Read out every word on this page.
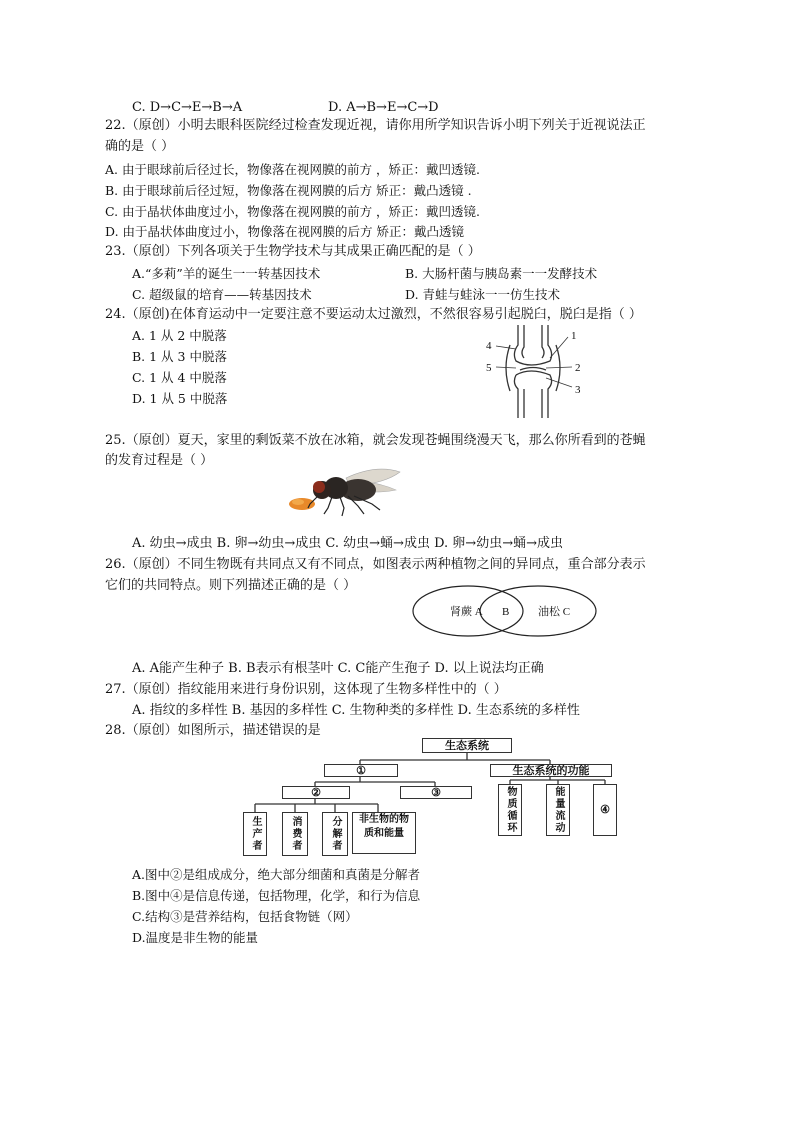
C. D→C→E→B→A	D. A→B→E→C→D
22.（原创）小明去眼科医院经过检查发现近视，请你用所学知识告诉小明下列关于近视说法正
确的是（ ）
A. 由于眼球前后径过长，物像落在视网膜的前方 ，矫正：戴凹透镜.
B. 由于眼球前后径过短，物像落在视网膜的后方 矫正：戴凸透镜 .
C. 由于晶状体曲度过小，物像落在视网膜的前方 ，矫正：戴凹透镜.
D. 由于晶状体曲度过小，物像落在视网膜的后方 矫正：戴凸透镜
23.（原创）下列各项关于生物学技术与其成果正确匹配的是（ ）
A.“多莉”羊的诞生一一转基因技术	B. 大肠杆菌与胰岛素一一发酵技术
C. 超级鼠的培育——转基因技术	D. 青蛙与蛙泳一一仿生技术
24.（原创)在体育运动中一定要注意不要运动太过激烈，不然很容易引起脱臼，脱臼是指（ ）
A. 1 从 2 中脱落
B. 1 从 3 中脱落
C. 1 从 4 中脱落
D. 1 从 5 中脱落
4
5
1
2
3
25.（原创）夏天，家里的剩饭菜不放在冰箱，就会发现苍蝇围绕漫天飞，那么你所看到的苍蝇
的发育过程是（ ）
A. 幼虫→成虫 B. 卵→幼虫→成虫 C. 幼虫→蛹→成虫 D. 卵→幼虫→蛹→成虫
26.（原创）不同生物既有共同点又有不同点，如图表示两种植物之间的异同点，重合部分表示
它们的共同特点。则下列描述正确的是（ ）
肾蕨 A B	油松 C
A. A能产生种子 B. B表示有根茎叶 C. C能产生孢子 D. 以上说法均正确
27.（原创）指纹能用来进行身份识别，这体现了生物多样性中的（ ）
A. 指纹的多样性 B. 基因的多样性 C. 生物种类的多样性 D. 生态系统的多样性
28.（原创）如图所示，描述错误的是
生态系统
①	生态系统的功能
②	③
生产者	消费者	分解者	非生物的物质和能量	物质循环	能量流动	④
A.图中②是组成成分，绝大部分细菌和真菌是分解者
B.图中④是信息传递，包括物理，化学，和行为信息
C.结构③是营养结构，包括食物链（网）
D.温度是非生物的能量
